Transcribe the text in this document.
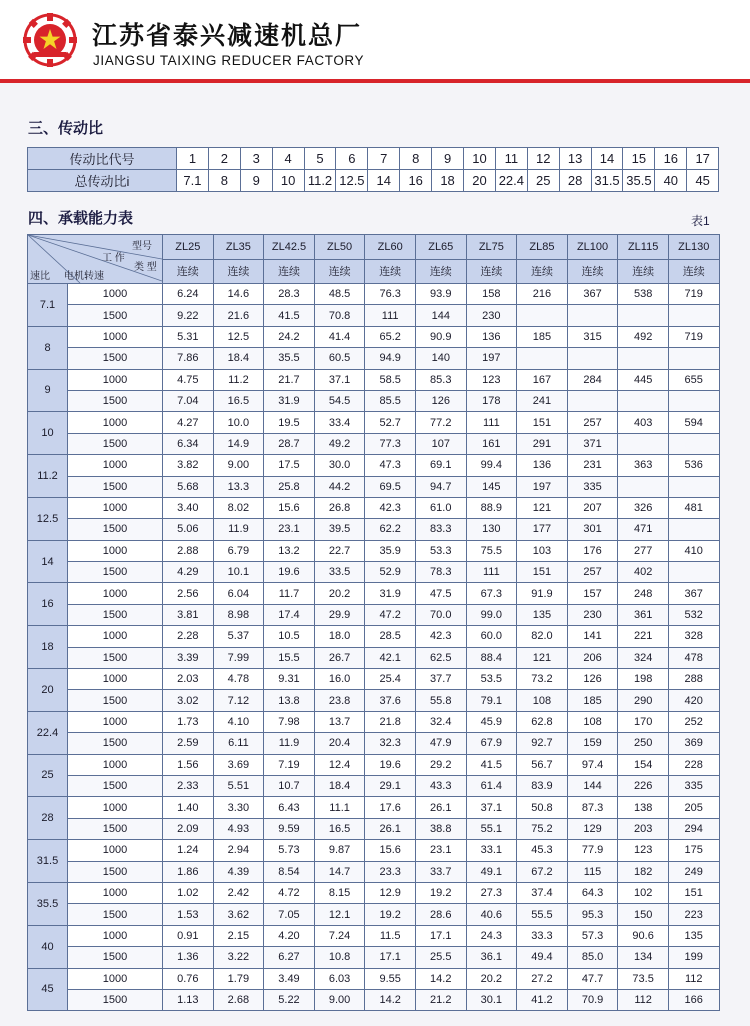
江苏省泰兴减速机总厂
JIANGSU TAIXING REDUCER FACTORY
三、传动比
传动比代号	1	2	3	4	5	6	7	8	9	10	11	12	13	14	15	16	17
总传动比i	7.1	8	9	10	11.2	12.5	14	16	18	20	22.4	25	28	31.5	35.5	40	45
四、承载能力表	表1
型号
工 作
类 型
电机转速
速比		ZL25	ZL35	ZL42.5	ZL50	ZL60	ZL65	ZL75	ZL85	ZL100	ZL115	ZL130
		连续	连续	连续	连续	连续	连续	连续	连续	连续	连续	连续
7.1	1000	6.24	14.6	28.3	48.5	76.3	93.9	158	216	367	538	719
	1500	9.22	21.6	41.5	70.8	111	144	230				
8	1000	5.31	12.5	24.2	41.4	65.2	90.9	136	185	315	492	719
	1500	7.86	18.4	35.5	60.5	94.9	140	197				
9	1000	4.75	11.2	21.7	37.1	58.5	85.3	123	167	284	445	655
	1500	7.04	16.5	31.9	54.5	85.5	126	178	241			
10	1000	4.27	10.0	19.5	33.4	52.7	77.2	111	151	257	403	594
	1500	6.34	14.9	28.7	49.2	77.3	107	161	291	371		
11.2	1000	3.82	9.00	17.5	30.0	47.3	69.1	99.4	136	231	363	536
	1500	5.68	13.3	25.8	44.2	69.5	94.7	145	197	335		
12.5	1000	3.40	8.02	15.6	26.8	42.3	61.0	88.9	121	207	326	481
	1500	5.06	11.9	23.1	39.5	62.2	83.3	130	177	301	471	
14	1000	2.88	6.79	13.2	22.7	35.9	53.3	75.5	103	176	277	410
	1500	4.29	10.1	19.6	33.5	52.9	78.3	111	151	257	402	
16	1000	2.56	6.04	11.7	20.2	31.9	47.5	67.3	91.9	157	248	367
	1500	3.81	8.98	17.4	29.9	47.2	70.0	99.0	135	230	361	532
18	1000	2.28	5.37	10.5	18.0	28.5	42.3	60.0	82.0	141	221	328
	1500	3.39	7.99	15.5	26.7	42.1	62.5	88.4	121	206	324	478
20	1000	2.03	4.78	9.31	16.0	25.4	37.7	53.5	73.2	126	198	288
	1500	3.02	7.12	13.8	23.8	37.6	55.8	79.1	108	185	290	420
22.4	1000	1.73	4.10	7.98	13.7	21.8	32.4	45.9	62.8	108	170	252
	1500	2.59	6.11	11.9	20.4	32.3	47.9	67.9	92.7	159	250	369
25	1000	1.56	3.69	7.19	12.4	19.6	29.2	41.5	56.7	97.4	154	228
	1500	2.33	5.51	10.7	18.4	29.1	43.3	61.4	83.9	144	226	335
28	1000	1.40	3.30	6.43	11.1	17.6	26.1	37.1	50.8	87.3	138	205
	1500	2.09	4.93	9.59	16.5	26.1	38.8	55.1	75.2	129	203	294
31.5	1000	1.24	2.94	5.73	9.87	15.6	23.1	33.1	45.3	77.9	123	175
	1500	1.86	4.39	8.54	14.7	23.3	33.7	49.1	67.2	115	182	249
35.5	1000	1.02	2.42	4.72	8.15	12.9	19.2	27.3	37.4	64.3	102	151
	1500	1.53	3.62	7.05	12.1	19.2	28.6	40.6	55.5	95.3	150	223
40	1000	0.91	2.15	4.20	7.24	11.5	17.1	24.3	33.3	57.3	90.6	135
	1500	1.36	3.22	6.27	10.8	17.1	25.5	36.1	49.4	85.0	134	199
45	1000	0.76	1.79	3.49	6.03	9.55	14.2	20.2	27.2	47.7	73.5	112
	1500	1.13	2.68	5.22	9.00	14.2	21.2	30.1	41.2	70.9	112	166
